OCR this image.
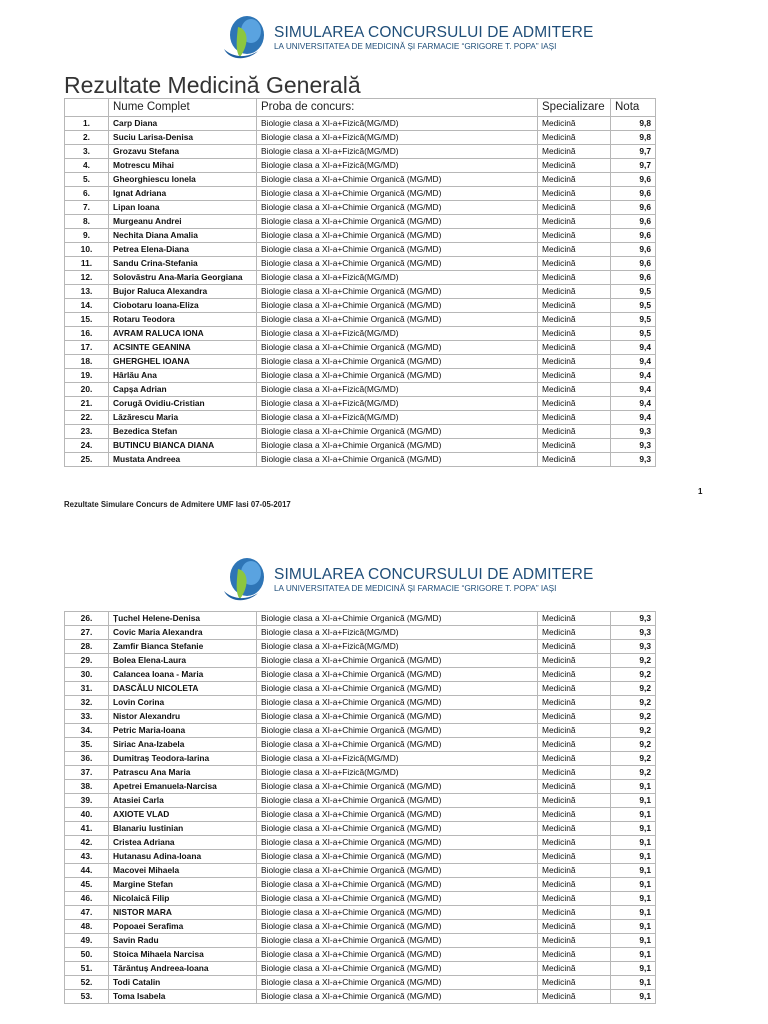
SIMULAREA CONCURSULUI DE ADMITERE
LA UNIVERSITATEA DE MEDICINĂ ȘI FARMACIE “GRIGORE T. POPA” IAȘI
Rezultate Medicină Generală
	Nume Complet	Proba de concurs:	Specializare	Nota
1.	Carp Diana	Biologie clasa a XI-a+Fizică(MG/MD)	Medicină	9,8
2.	Suciu Larisa-Denisa	Biologie clasa a XI-a+Fizică(MG/MD)	Medicină	9,8
3.	Grozavu Stefana	Biologie clasa a XI-a+Fizică(MG/MD)	Medicină	9,7
4.	Motrescu Mihai	Biologie clasa a XI-a+Fizică(MG/MD)	Medicină	9,7
5.	Gheorghiescu Ionela	Biologie clasa a XI-a+Chimie Organică (MG/MD)	Medicină	9,6
6.	Ignat Adriana	Biologie clasa a XI-a+Chimie Organică (MG/MD)	Medicină	9,6
7.	Lipan Ioana	Biologie clasa a XI-a+Chimie Organică (MG/MD)	Medicină	9,6
8.	Murgeanu Andrei	Biologie clasa a XI-a+Chimie Organică (MG/MD)	Medicină	9,6
9.	Nechita Diana Amalia	Biologie clasa a XI-a+Chimie Organică (MG/MD)	Medicină	9,6
10.	Petrea Elena-Diana	Biologie clasa a XI-a+Chimie Organică (MG/MD)	Medicină	9,6
11.	Sandu Crina-Stefania	Biologie clasa a XI-a+Chimie Organică (MG/MD)	Medicină	9,6
12.	Solovăstru Ana-Maria Georgiana	Biologie clasa a XI-a+Fizică(MG/MD)	Medicină	9,6
13.	Bujor Raluca Alexandra	Biologie clasa a XI-a+Chimie Organică (MG/MD)	Medicină	9,5
14.	Ciobotaru Ioana-Eliza	Biologie clasa a XI-a+Chimie Organică (MG/MD)	Medicină	9,5
15.	Rotaru Teodora	Biologie clasa a XI-a+Chimie Organică (MG/MD)	Medicină	9,5
16.	AVRAM RALUCA IONA	Biologie clasa a XI-a+Fizică(MG/MD)	Medicină	9,5
17.	ACSINTE GEANINA	Biologie clasa a XI-a+Chimie Organică (MG/MD)	Medicină	9,4
18.	GHERGHEL IOANA	Biologie clasa a XI-a+Chimie Organică (MG/MD)	Medicină	9,4
19.	Hârlău Ana	Biologie clasa a XI-a+Chimie Organică (MG/MD)	Medicină	9,4
20.	Capșa Adrian	Biologie clasa a XI-a+Fizică(MG/MD)	Medicină	9,4
21.	Corugă Ovidiu-Cristian	Biologie clasa a XI-a+Fizică(MG/MD)	Medicină	9,4
22.	Lăzărescu Maria	Biologie clasa a XI-a+Fizică(MG/MD)	Medicină	9,4
23.	Bezedica Stefan	Biologie clasa a XI-a+Chimie Organică (MG/MD)	Medicină	9,3
24.	BUTINCU BIANCA DIANA	Biologie clasa a XI-a+Chimie Organică (MG/MD)	Medicină	9,3
25.	Mustata Andreea	Biologie clasa a XI-a+Chimie Organică (MG/MD)	Medicină	9,3
1
Rezultate Simulare Concurs de Admitere UMF Iasi 07-05-2017
SIMULAREA CONCURSULUI DE ADMITERE
LA UNIVERSITATEA DE MEDICINĂ ȘI FARMACIE “GRIGORE T. POPA” IAȘI
26.	Țuchel Helene-Denisa	Biologie clasa a XI-a+Chimie Organică (MG/MD)	Medicină	9,3
27.	Covic Maria Alexandra	Biologie clasa a XI-a+Fizică(MG/MD)	Medicină	9,3
28.	Zamfir Bianca Stefanie	Biologie clasa a XI-a+Fizică(MG/MD)	Medicină	9,3
29.	Bolea Elena-Laura	Biologie clasa a XI-a+Chimie Organică (MG/MD)	Medicină	9,2
30.	Calancea Ioana - Maria	Biologie clasa a XI-a+Chimie Organică (MG/MD)	Medicină	9,2
31.	DASCĂLU NICOLETA	Biologie clasa a XI-a+Chimie Organică (MG/MD)	Medicină	9,2
32.	Lovin Corina	Biologie clasa a XI-a+Chimie Organică (MG/MD)	Medicină	9,2
33.	Nistor Alexandru	Biologie clasa a XI-a+Chimie Organică (MG/MD)	Medicină	9,2
34.	Petric Maria-Ioana	Biologie clasa a XI-a+Chimie Organică (MG/MD)	Medicină	9,2
35.	Siriac Ana-Izabela	Biologie clasa a XI-a+Chimie Organică (MG/MD)	Medicină	9,2
36.	Dumitraș Teodora-Iarina	Biologie clasa a XI-a+Fizică(MG/MD)	Medicină	9,2
37.	Patrascu Ana Maria	Biologie clasa a XI-a+Fizică(MG/MD)	Medicină	9,2
38.	Apetrei Emanuela-Narcisa	Biologie clasa a XI-a+Chimie Organică (MG/MD)	Medicină	9,1
39.	Atasiei Carla	Biologie clasa a XI-a+Chimie Organică (MG/MD)	Medicină	9,1
40.	AXIOTE VLAD	Biologie clasa a XI-a+Chimie Organică (MG/MD)	Medicină	9,1
41.	Blanariu Iustinian	Biologie clasa a XI-a+Chimie Organică (MG/MD)	Medicină	9,1
42.	Cristea Adriana	Biologie clasa a XI-a+Chimie Organică (MG/MD)	Medicină	9,1
43.	Hutanasu Adina-Ioana	Biologie clasa a XI-a+Chimie Organică (MG/MD)	Medicină	9,1
44.	Macovei Mihaela	Biologie clasa a XI-a+Chimie Organică (MG/MD)	Medicină	9,1
45.	Margine Stefan	Biologie clasa a XI-a+Chimie Organică (MG/MD)	Medicină	9,1
46.	Nicolaică Filip	Biologie clasa a XI-a+Chimie Organică (MG/MD)	Medicină	9,1
47.	NISTOR MARA	Biologie clasa a XI-a+Chimie Organică (MG/MD)	Medicină	9,1
48.	Popoaei Serafima	Biologie clasa a XI-a+Chimie Organică (MG/MD)	Medicină	9,1
49.	Savin Radu	Biologie clasa a XI-a+Chimie Organică (MG/MD)	Medicină	9,1
50.	Stoica Mihaela Narcisa	Biologie clasa a XI-a+Chimie Organică (MG/MD)	Medicină	9,1
51.	Tărăntuș Andreea-Ioana	Biologie clasa a XI-a+Chimie Organică (MG/MD)	Medicină	9,1
52.	Todi Catalin	Biologie clasa a XI-a+Chimie Organică (MG/MD)	Medicină	9,1
53.	Toma Isabela	Biologie clasa a XI-a+Chimie Organică (MG/MD)	Medicină	9,1
